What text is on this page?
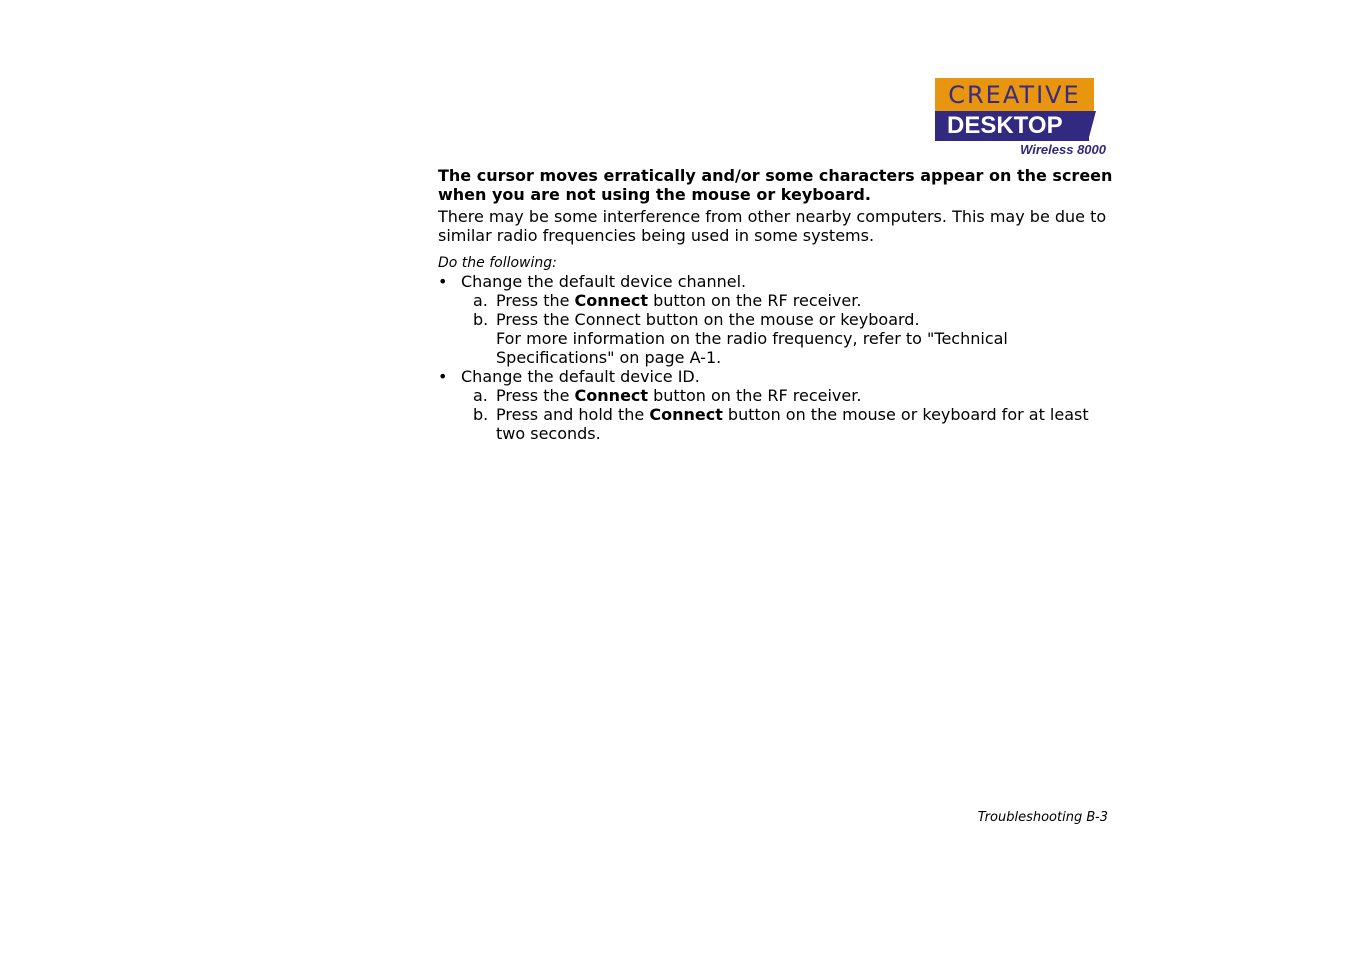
CREATIVE
DESKTOP
Wireless 8000

The cursor moves erratically and/or some characters appear on the screen when you are not using the mouse or keyboard.

There may be some interference from other nearby computers. This may be due to similar radio frequencies being used in some systems.

Do the following:
• Change the default device channel.
a. Press the Connect button on the RF receiver.
b. Press the Connect button on the mouse or keyboard.
For more information on the radio frequency, refer to "Technical Specifications" on page A-1.
• Change the default device ID.
a. Press the Connect button on the RF receiver.
b. Press and hold the Connect button on the mouse or keyboard for at least two seconds.
Troubleshooting B-3
